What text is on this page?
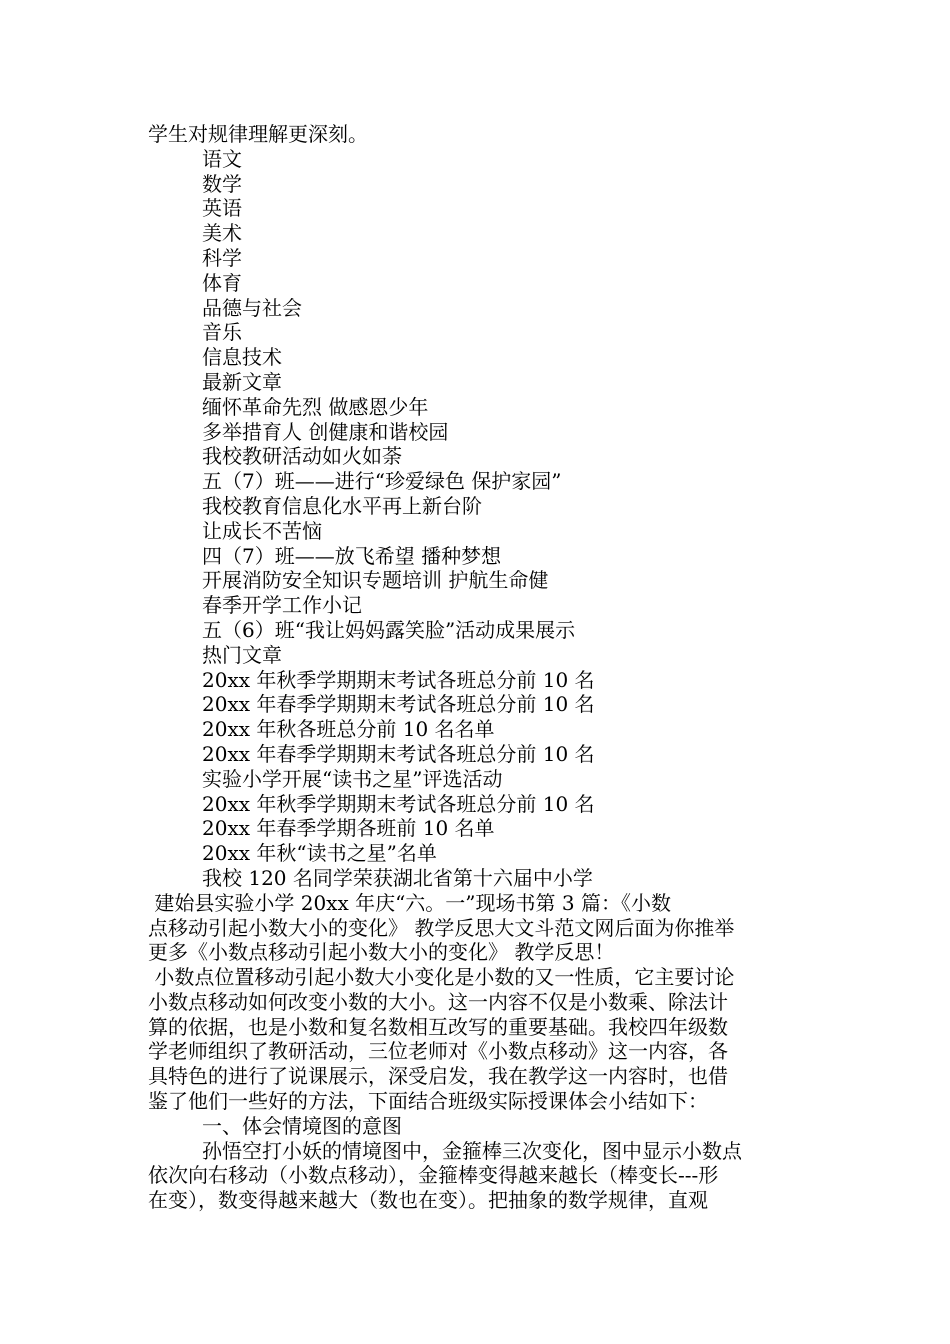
学生对规律理解更深刻。
语文
数学
英语
美术
科学
体育
品德与社会
音乐
信息技术
最新文章
缅怀革命先烈 做感恩少年
多举措育人 创健康和谐校园
我校教研活动如火如荼
五（7）班——进行“珍爱绿色 保护家园”
我校教育信息化水平再上新台阶
让成长不苦恼
四（7）班——放飞希望 播种梦想
开展消防安全知识专题培训 护航生命健
春季开学工作小记
五（6）班“我让妈妈露笑脸”活动成果展示
热门文章
20xx 年秋季学期期末考试各班总分前 10 名
20xx 年春季学期期末考试各班总分前 10 名
20xx 年秋各班总分前 10 名名单
20xx 年春季学期期末考试各班总分前 10 名
实验小学开展“读书之星”评选活动
20xx 年秋季学期期末考试各班总分前 10 名
20xx 年春季学期各班前 10 名单
20xx 年秋“读书之星”名单
我校 120 名同学荣获湖北省第十六届中小学
建始县实验小学 20xx 年庆“六。一”现场书第 3 篇：《小数
点移动引起小数大小的变化》 教学反思大文斗范文网后面为你推举
更多《小数点移动引起小数大小的变化》 教学反思！
小数点位置移动引起小数大小变化是小数的又一性质，它主要讨论
小数点移动如何改变小数的大小。这一内容不仅是小数乘、除法计
算的依据，也是小数和复名数相互改写的重要基础。我校四年级数
学老师组织了教研活动，三位老师对《小数点移动》这一内容，各
具特色的进行了说课展示，深受启发，我在教学这一内容时，也借
鉴了他们一些好的方法，下面结合班级实际授课体会小结如下：
一、体会情境图的意图
孙悟空打小妖的情境图中，金箍棒三次变化，图中显示小数点
依次向右移动（小数点移动），金箍棒变得越来越长（棒变长---形
在变），数变得越来越大（数也在变）。把抽象的数学规律，直观
